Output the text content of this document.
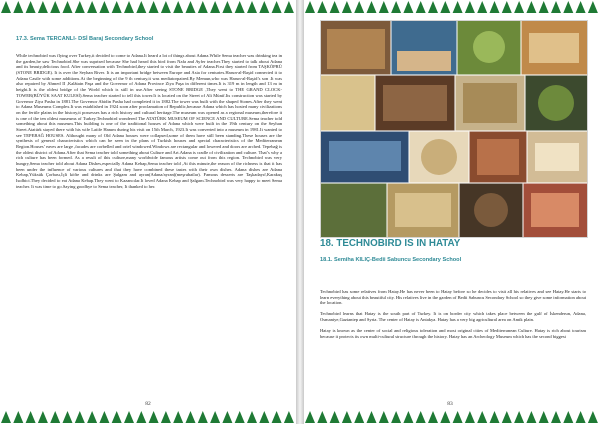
17.3. Sema TERCANLI- DSİ Baraj Secondary School

While technobird was flying over Turkey,it decided to come to Adana.It heard a lot of things about Adana.While Sema teacher was drinking tea in the garden,he saw Technobird.She was suprised because She had heard this bird from Nafa and Ayfer teacher.They started to talk about Adana and its beauty,delicious food. After conversation with Technobird,they started to visit the beauties of Adana.First they started from TAŞKÖPRÜ (STONE BRIDGE). It is over the Seyhan River. It is an important bridge between Europe and Asia for centuries.Harun-al-Raşid connected it to Adana Castle with some additions.At the beginning of the 9 th century,it was mediatorpaired.By Memun,who was Harun-al-Raşid’s son .It was also repaired by Ahmed II ,Kalâtain Paşa and the Governor of Adana Province Ziya Paşa in different times.It is 319 m in length and 13 m in height.It is the oldest bridge of the World which is still in use.After seeing STONE BRIDGE ,They went to THE GRAND CLOCK-TOWER(BÜYÜK SAAT KULESİ).Sema teacher started to tell this tower.It is located on the Street of Ali Münif.Its construction was started by Governor Ziya Pasha in 1881.The Governor Abidin Pasha had completed it in 1882.The tower was built with the shaped Stones.After they went to Adana Museums Complex.It was established in 1924 soon after proclamation of Republic,because Adana which has hosted many civilizations on the fertile plains in the history,it possesses has a rich history and cultural heritage.The museum was opened as a regional museum,therefore it is one of the ten oldest museums of Turkey.Technobird wondered The ATATÜRK MUSEUM OF SCIENCE AND CULTURE.Sema teacher told something about this museum.This building is one of the traditional houses of Adana which were built in the 19th century on the Seyhan Street.Atatürk stayed there with his wife Latife Hanım during his visit on 15th March, 1923.It was converted into a museum in 1981.It wanted to see TEPEBAĞ HOUSES. Althought many of Old Adana houses were collapsed,some of them have still been standing.These houses are the synthesis of general characteristics which can be seen in the plans of Turkish houses and special characteristics of the Mediterranean Region.Houses’ eaves are large ,facades are corbelled and oriel windowed.Windows are rectangular and lowered and doors are arched. Tepebağ is the oldest district of Adana.After that Sema teacher told something about Culture and Art.Adana is cradle of civilization and culture. That’s why a rich culture has been formed. As a result of this culture,many worldwide famous artists come out from this region. Technobird was very hungry,Sema teacher told about Adana Dishes,especially Adana Kebap,Sema teacher told ,At this minute,the reason of the richness is that it has been under the influence of various cultures and that they have combined these tastes with their own dishes. Adana dishes are Adana Kebap,Yüksük Çorbası,İçli köfte and drinks are Şalgam and ayran(Adana/ayran)(meşrubatlar). Famous desserts are Taşkadayıf,Karakuş Isıdbici.They decided to eat Adana Kebap.They went to Kazancılar.It loved Adana Kebap and Şalgam.Technobird was very happy to meet Sema teacher. It was time to go.Saying goodbye to Sema teacher, It thanked to her.

82
18. TECHNOBIRD IS IN HATAY
18.1. Semiha KILIÇ-Bedii Sabuncu Secondary School

Technobird has some relatives from Hatay.He has never been to Hatay before so he decides to visit all his relatives and see Hatay.He starts to learn everything about this beautiful city. His relatives live in the garden of Bedii Sabuncu Secondary School so they give some information about the location.

Technobird learns that Hatay is the south part of Turkey. It is on border city which takes place between the gulf of İskenderun, Adana, Osmaniye,Gaziantep and Syria. The center of Hatay is Antakya. Hatay has a very big agricultural area on Amik plain.

Hatay is known as the center of social and religious toleration and most original cities of Mediterranean Culture. Hatay is rich about tourism because it protects its own multi-cultural structure through the history. Hatay has an Archeology Museum which has the second biggest

83
